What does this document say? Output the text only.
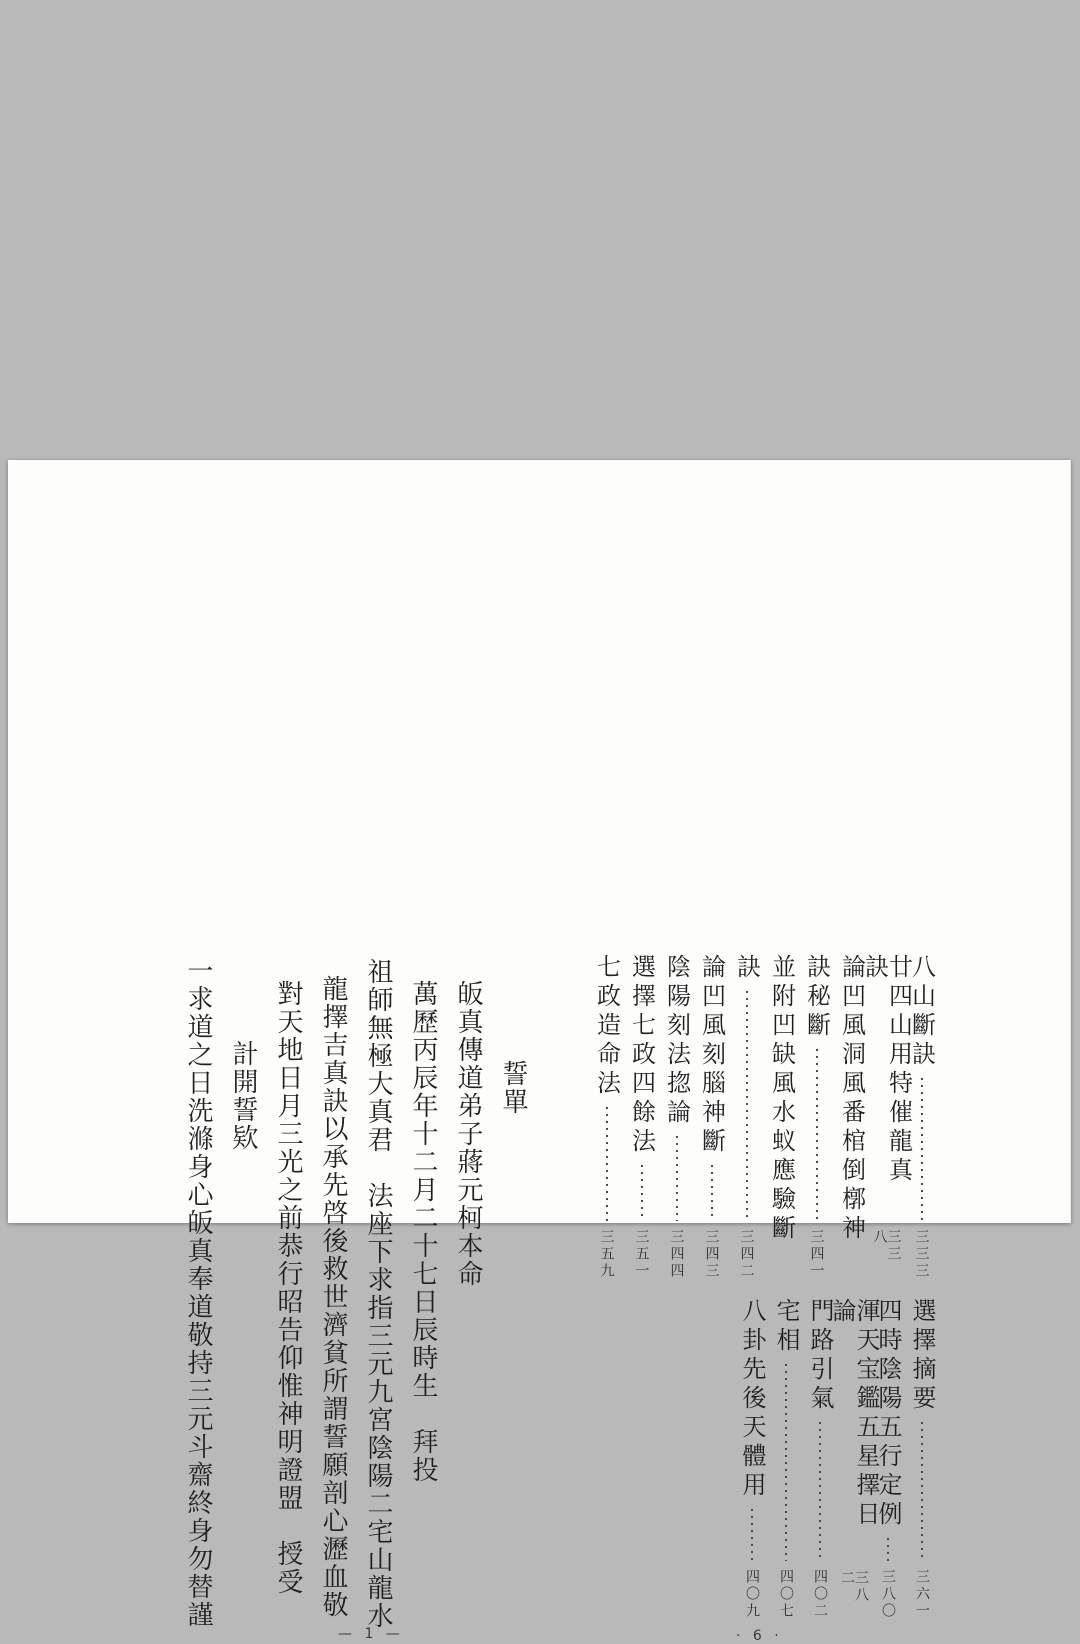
八山斷訣
三三三
廿四山用特催龍真訣
三三八
論凹風洞風番棺倒槨神
訣秘斷
三四一
並附凹缺風水蚁應驗斷
訣
三四二
論凹風刻腦神斷
三四三
陰陽刻法㧾論
三四四
選擇七政四餘法
三五一
七政造命法
三五九
選擇摘要
三六一
四時陰陽五行定例
三八〇
渾天宝鑑五星擇日論
三八二
門路引氣
四〇二
宅相
四〇七
八卦先後天體用
四〇九
· 6 ·
誓單
皈真傳道弟子蔣元柯本命
萬歷丙辰年十二月二十七日辰時生　拜投
祖師無極大真君　法座下求指三元九宮陰陽二宅山龍水
龍擇吉真訣以承先啓後救世濟貧所謂誓願剖心瀝血敬
對天地日月三光之前恭行昭告仰惟神明證盟　授受
計開誓欵
一求道之日洗滌身心皈真奉道敬持三元斗齋終身勿替謹
— 1 —
